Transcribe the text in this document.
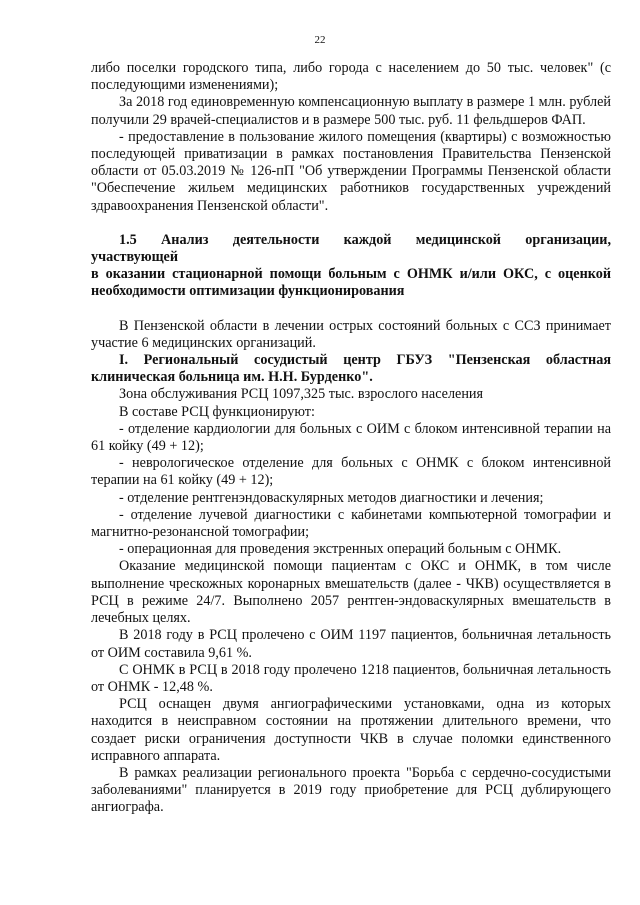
22

либо поселки городского типа, либо города с населением до 50 тыс. человек" (с последующими изменениями);

За 2018 год единовременную компенсационную выплату в размере 1 млн. рублей получили 29 врачей-специалистов и в размере 500 тыс. руб. 11 фельдшеров ФАП.

- предоставление в пользование жилого помещения (квартиры) с возможностью последующей приватизации в рамках постановления Правительства Пензенской области от 05.03.2019 № 126-пП "Об утверждении Программы Пензенской области "Обеспечение жильем медицинских работников государственных учреждений здравоохранения Пензенской области".

1.5 Анализ деятельности каждой медицинской организации,

участвующей

в оказании стационарной помощи больным с ОНМК и/или ОКС, с оценкой необходимости оптимизации функционирования

В Пензенской области в лечении острых состояний больных с ССЗ принимает участие 6 медицинских организаций.

I. Региональный сосудистый центр ГБУЗ "Пензенская областная клиническая больница им. Н.Н. Бурденко".

Зона обслуживания РСЦ 1097,325 тыс. взрослого населения

В составе РСЦ функционируют:

- отделение кардиологии для больных с ОИМ с блоком интенсивной терапии на 61 койку (49 + 12);

- неврологическое отделение для больных с ОНМК с блоком интенсивной терапии на 61 койку (49 + 12);

- отделение рентгенэндоваскулярных методов диагностики и лечения;

- отделение лучевой диагностики с кабинетами компьютерной томографии и магнитно-резонансной томографии;

- операционная для проведения экстренных операций больным с ОНМК.

Оказание медицинской помощи пациентам с ОКС и ОНМК, в том числе выполнение чрескожных коронарных вмешательств (далее - ЧКВ) осуществляется в РСЦ в режиме 24/7. Выполнено 2057 рентген-эндоваскулярных вмешательств в лечебных целях.

В 2018 году в РСЦ пролечено с ОИМ 1197 пациентов, больничная летальность от ОИМ составила 9,61 %.

С ОНМК в РСЦ в 2018 году пролечено 1218 пациентов, больничная летальность от ОНМК - 12,48 %.

РСЦ оснащен двумя ангиографическими установками, одна из которых находится в неисправном состоянии на протяжении длительного времени, что создает риски ограничения доступности ЧКВ в случае поломки единственного исправного аппарата.

В рамках реализации регионального проекта "Борьба с сердечно-сосудистыми заболеваниями" планируется в 2019 году приобретение для РСЦ дублирующего ангиографа.
